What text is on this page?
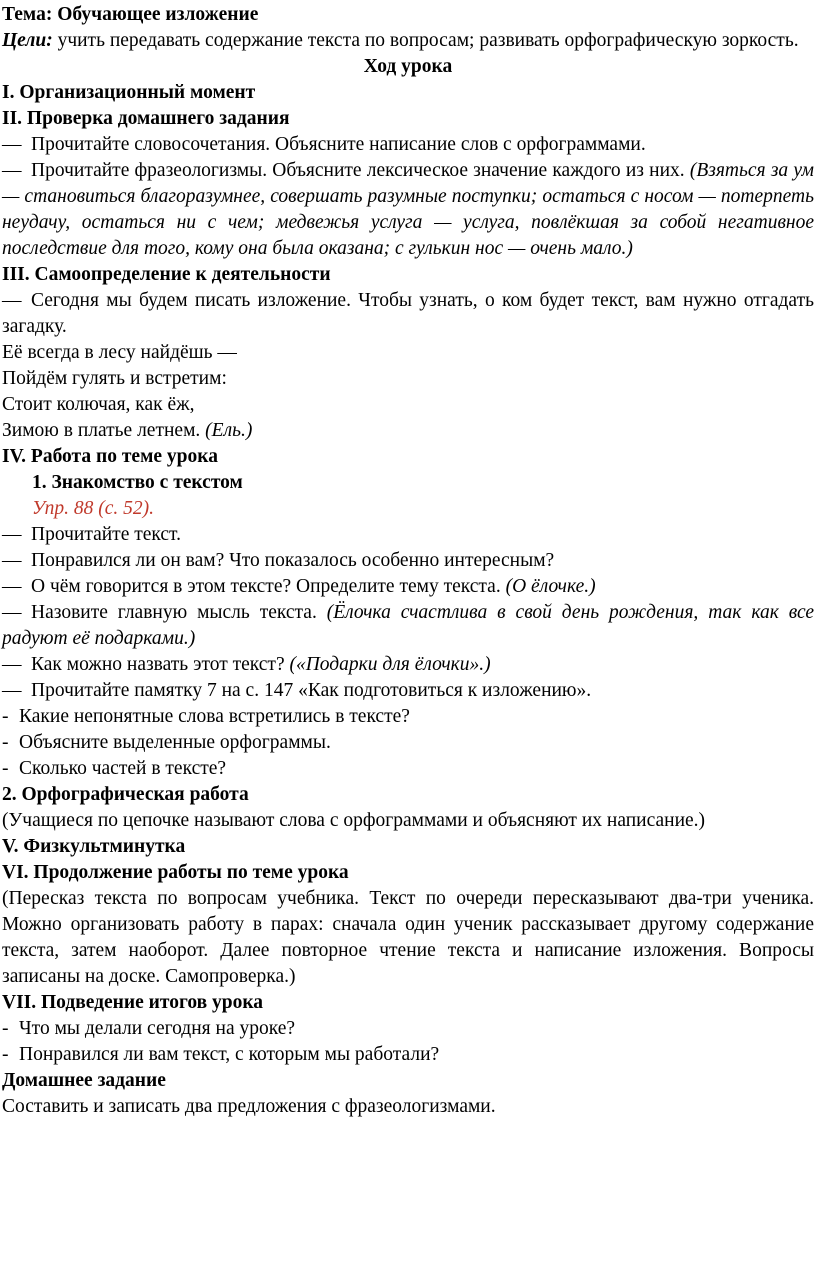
Тема: Обучающее изложение

Цели: учить передавать содержание текста по вопросам; развивать орфографическую зоркость.

Ход урока

I. Организационный момент

II. Проверка домашнего задания

— Прочитайте словосочетания. Объясните написание слов с орфограммами.

— Прочитайте фразеологизмы. Объясните лексическое значение каждого из них. (Взяться за ум — становиться благоразумнее, совершать разумные поступки; остаться с носом — потерпеть неудачу, остаться ни с чем; медвежья услуга — услуга, повлёкшая за собой негативное последствие для того, кому она была оказана; с гулькин нос — очень мало.)

III. Самоопределение к деятельности

— Сегодня мы будем писать изложение. Чтобы узнать, о ком будет текст, вам нужно отгадать загадку.

Её всегда в лесу найдёшь —

Пойдём гулять и встретим:

Стоит колючая, как ёж,

Зимою в платье летнем. (Ель.)

IV. Работа по теме урока

1. Знакомство с текстом

Упр. 88 (с. 52).

— Прочитайте текст.

— Понравился ли он вам? Что показалось особенно интересным?

— О чём говорится в этом тексте? Определите тему текста. (О ёлочке.)

— Назовите главную мысль текста. (Ёлочка счастлива в свой день рождения, так как все радуют её подарками.)

— Как можно назвать этот текст? («Подарки для ёлочки».)

— Прочитайте памятку 7 на с. 147 «Как подготовиться к изложению».

- Какие непонятные слова встретились в тексте?

- Объясните выделенные орфограммы.

- Сколько частей в тексте?

2. Орфографическая работа

(Учащиеся по цепочке называют слова с орфограммами и объясняют их написание.)

V. Физкультминутка

VI. Продолжение работы по теме урока

(Пересказ текста по вопросам учебника. Текст по очереди пересказывают два-три ученика. Можно организовать работу в парах: сначала один ученик рассказывает другому содержание текста, затем наоборот. Далее повторное чтение текста и написание изложения. Вопросы записаны на доске. Самопроверка.)

VII. Подведение итогов урока

- Что мы делали сегодня на уроке?

- Понравился ли вам текст, с которым мы работали?

Домашнее задание

Составить и записать два предложения с фразеологизмами.
